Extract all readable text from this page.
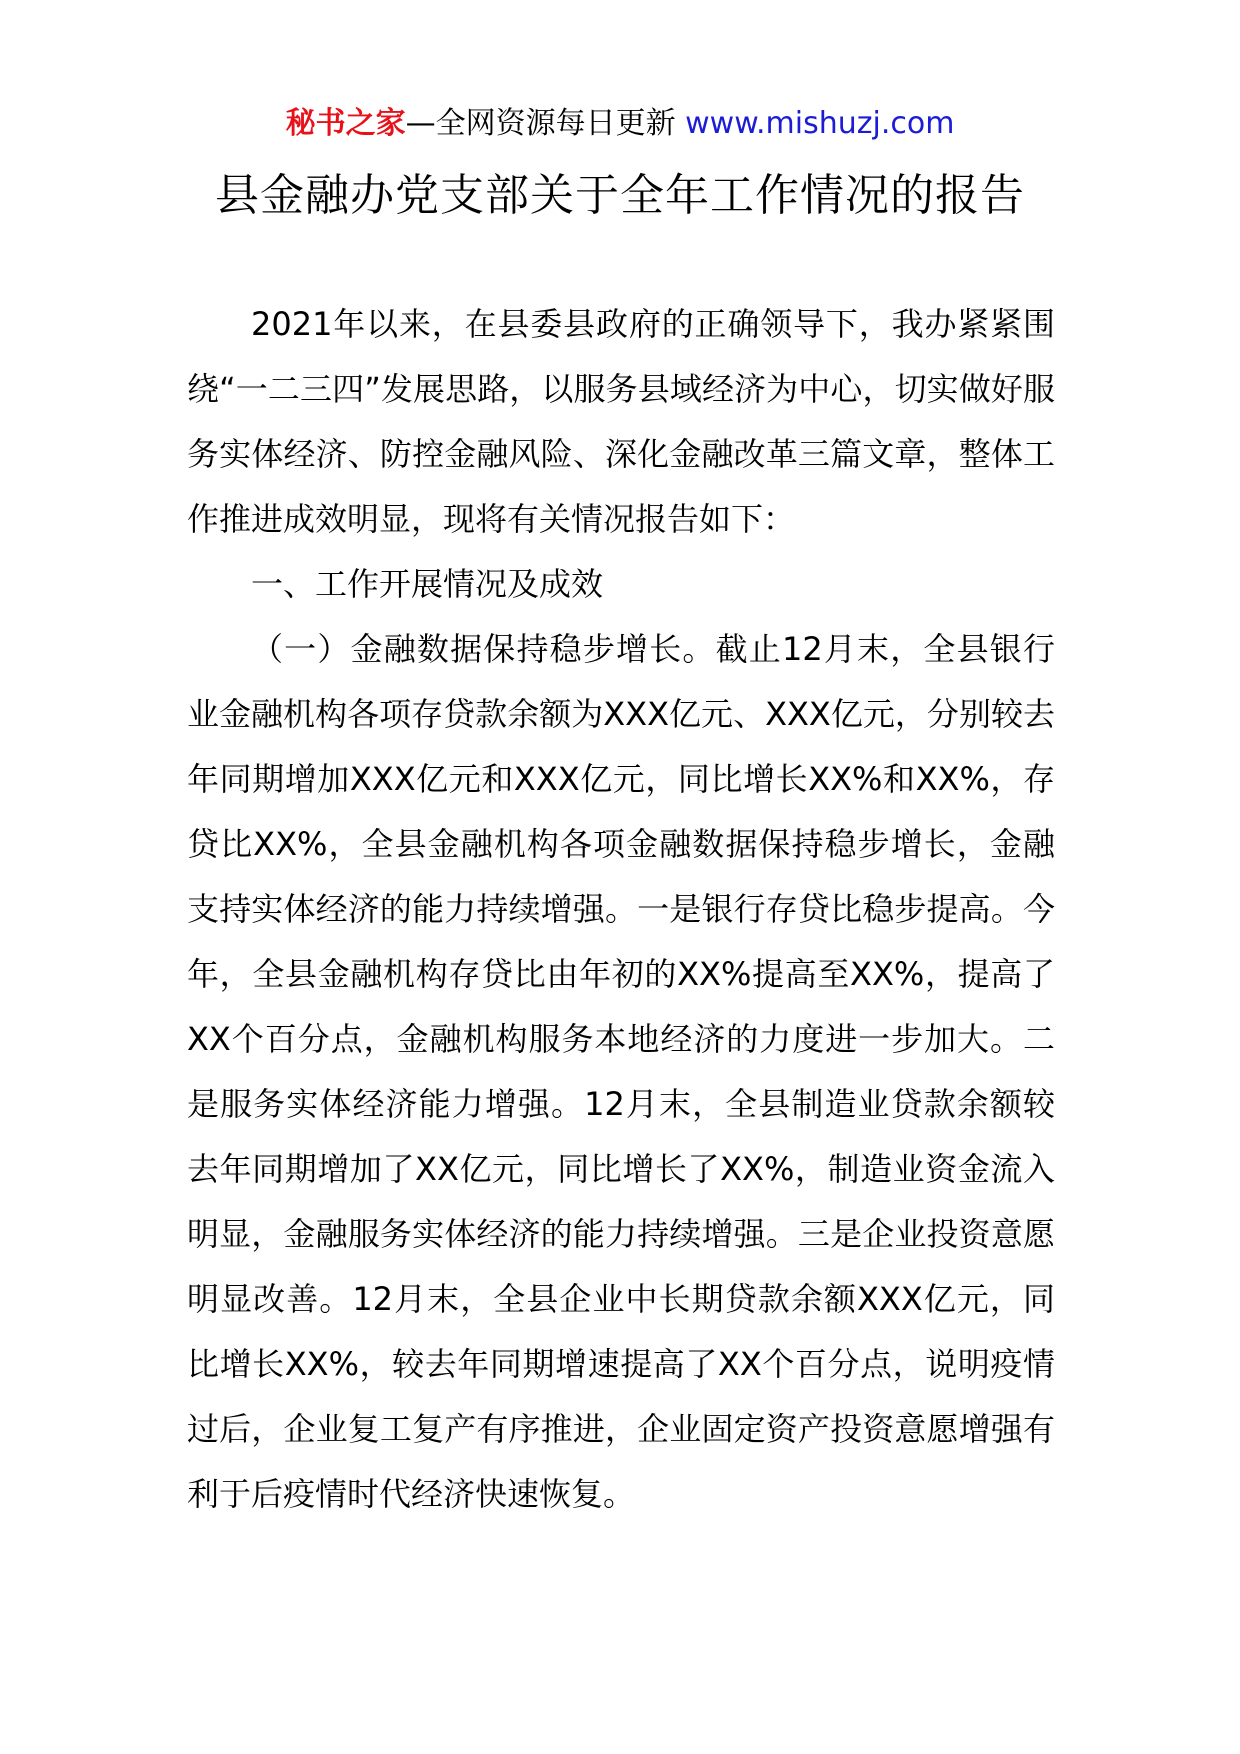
秘书之家—全网资源每日更新 www.mishuzj.com
县金融办党支部关于全年工作情况的报告

2021年以来，在县委县政府的正确领导下，我办紧紧围绕“一二三四”发展思路，以服务县域经济为中心，切实做好服务实体经济、防控金融风险、深化金融改革三篇文章，整体工作推进成效明显，现将有关情况报告如下：

一、工作开展情况及成效

（一）金融数据保持稳步增长。截止12月末，全县银行业金融机构各项存贷款余额为XXX亿元、XXX亿元，分别较去年同期增加XXX亿元和XXX亿元，同比增长XX%和XX%，存贷比XX%，全县金融机构各项金融数据保持稳步增长，金融支持实体经济的能力持续增强。一是银行存贷比稳步提高。今年，全县金融机构存贷比由年初的XX%提高至XX%，提高了XX个百分点，金融机构服务本地经济的力度进一步加大。二是服务实体经济能力增强。12月末，全县制造业贷款余额较去年同期增加了XX亿元，同比增长了XX%，制造业资金流入明显，金融服务实体经济的能力持续增强。三是企业投资意愿明显改善。12月末，全县企业中长期贷款余额XXX亿元，同比增长XX%，较去年同期增速提高了XX个百分点，说明疫情过后，企业复工复产有序推进，企业固定资产投资意愿增强有利于后疫情时代经济快速恢复。
